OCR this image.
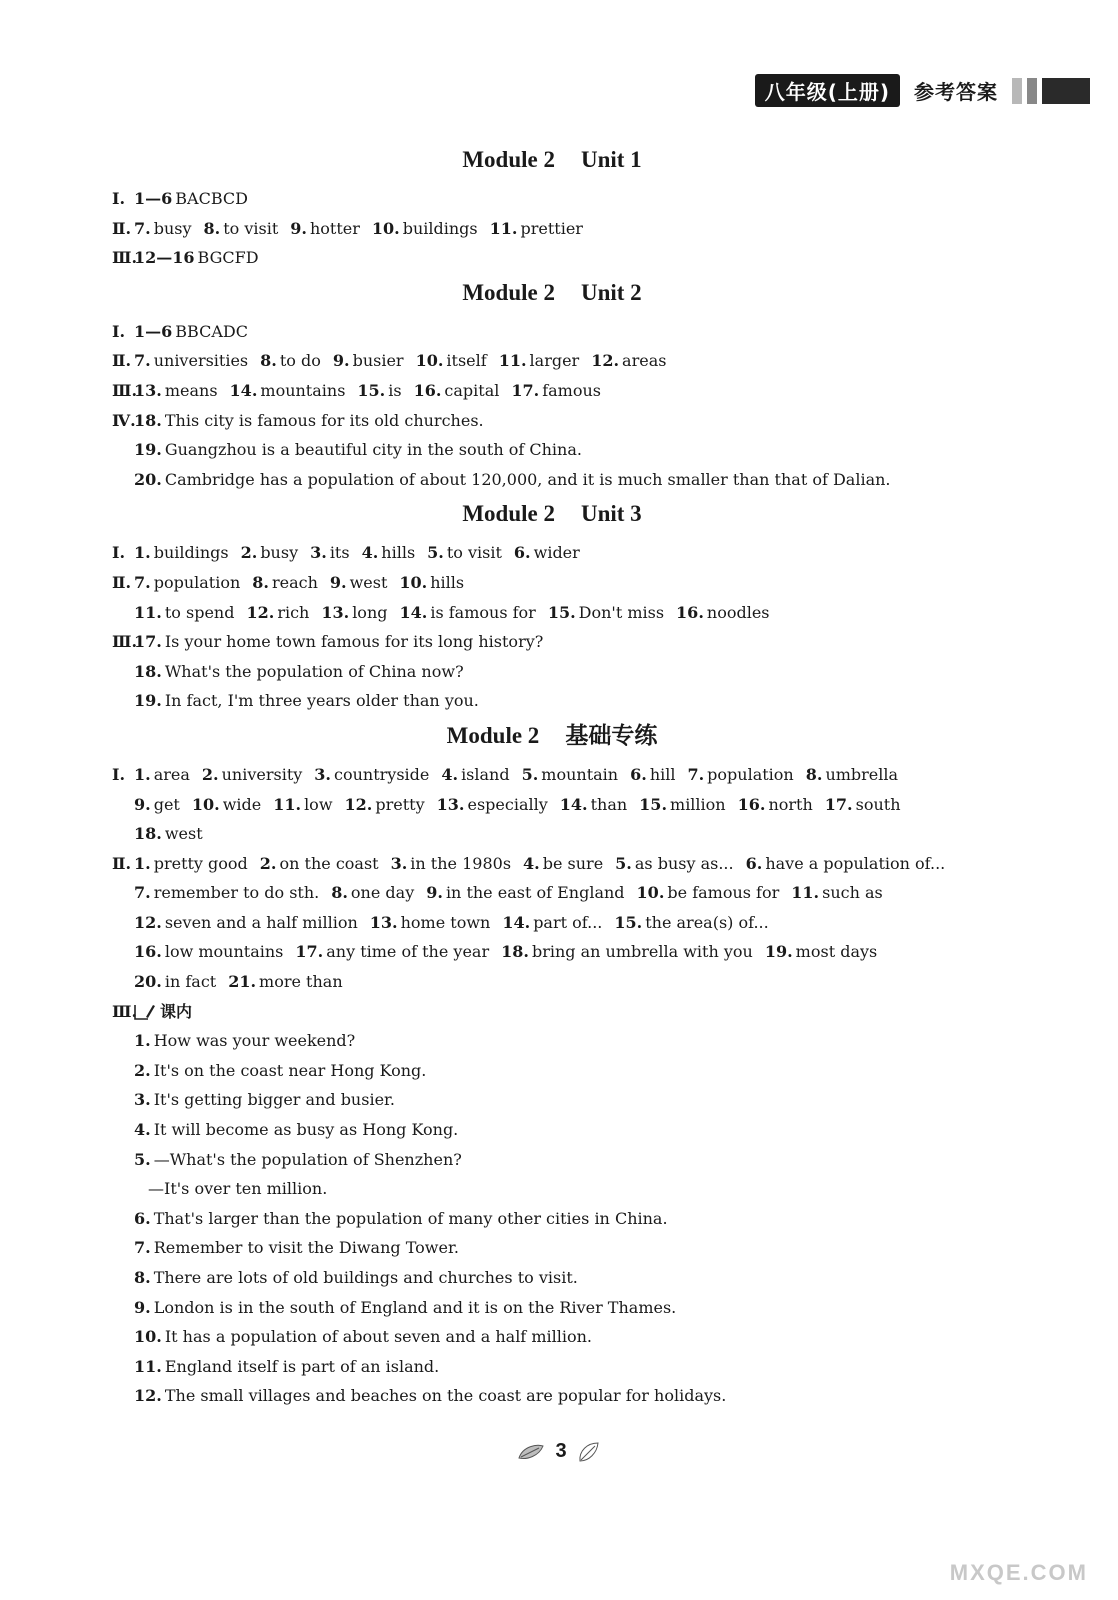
八年级(上册)	参考答案
Module 2 Unit 1
Ⅰ. 1—6 BACBCD
Ⅱ. 7. busy 8. to visit 9. hotter 10. buildings 11. prettier
Ⅲ.12—16 BGCFD
Module 2 Unit 2
Ⅰ. 1—6 BBCADC
Ⅱ. 7. universities 8. to do 9. busier 10. itself 11. larger 12. areas
Ⅲ.13. means 14. mountains 15. is 16. capital 17. famous
Ⅳ.18. This city is famous for its old churches.
19. Guangzhou is a beautiful city in the south of China.
20. Cambridge has a population of about 120,000, and it is much smaller than that of Dalian.
Module 2 Unit 3
Ⅰ. 1. buildings 2. busy 3. its 4. hills 5. to visit 6. wider
Ⅱ. 7. population 8. reach 9. west 10. hills
11. to spend 12. rich 13. long 14. is famous for 15. Don't miss 16. noodles
Ⅲ.17. Is your home town famous for its long history?
18. What's the population of China now?
19. In fact, I'm three years older than you.
Module 2 基础专练
Ⅰ. 1. area 2. university 3. countryside 4. island 5. mountain 6. hill 7. population 8. umbrella
9. get 10. wide 11. low 12. pretty 13. especially 14. than 15. million 16. north 17. south
18. west
Ⅱ. 1. pretty good 2. on the coast 3. in the 1980s 4. be sure 5. as busy as... 6. have a population of...
7. remember to do sth. 8. one day 9. in the east of England 10. be famous for 11. such as
12. seven and a half million 13. home town 14. part of... 15. the area(s) of...
16. low mountains 17. any time of the year 18. bring an umbrella with you 19. most days
20. in fact 21. more than
Ⅲ. 课内
1. How was your weekend?
2. It's on the coast near Hong Kong.
3. It's getting bigger and busier.
4. It will become as busy as Hong Kong.
5. —What's the population of Shenzhen?
—It's over ten million.
6. That's larger than the population of many other cities in China.
7. Remember to visit the Diwang Tower.
8. There are lots of old buildings and churches to visit.
9. London is in the south of England and it is on the River Thames.
10. It has a population of about seven and a half million.
11. England itself is part of an island.
12. The small villages and beaches on the coast are popular for holidays.
3
MXQE.COM
